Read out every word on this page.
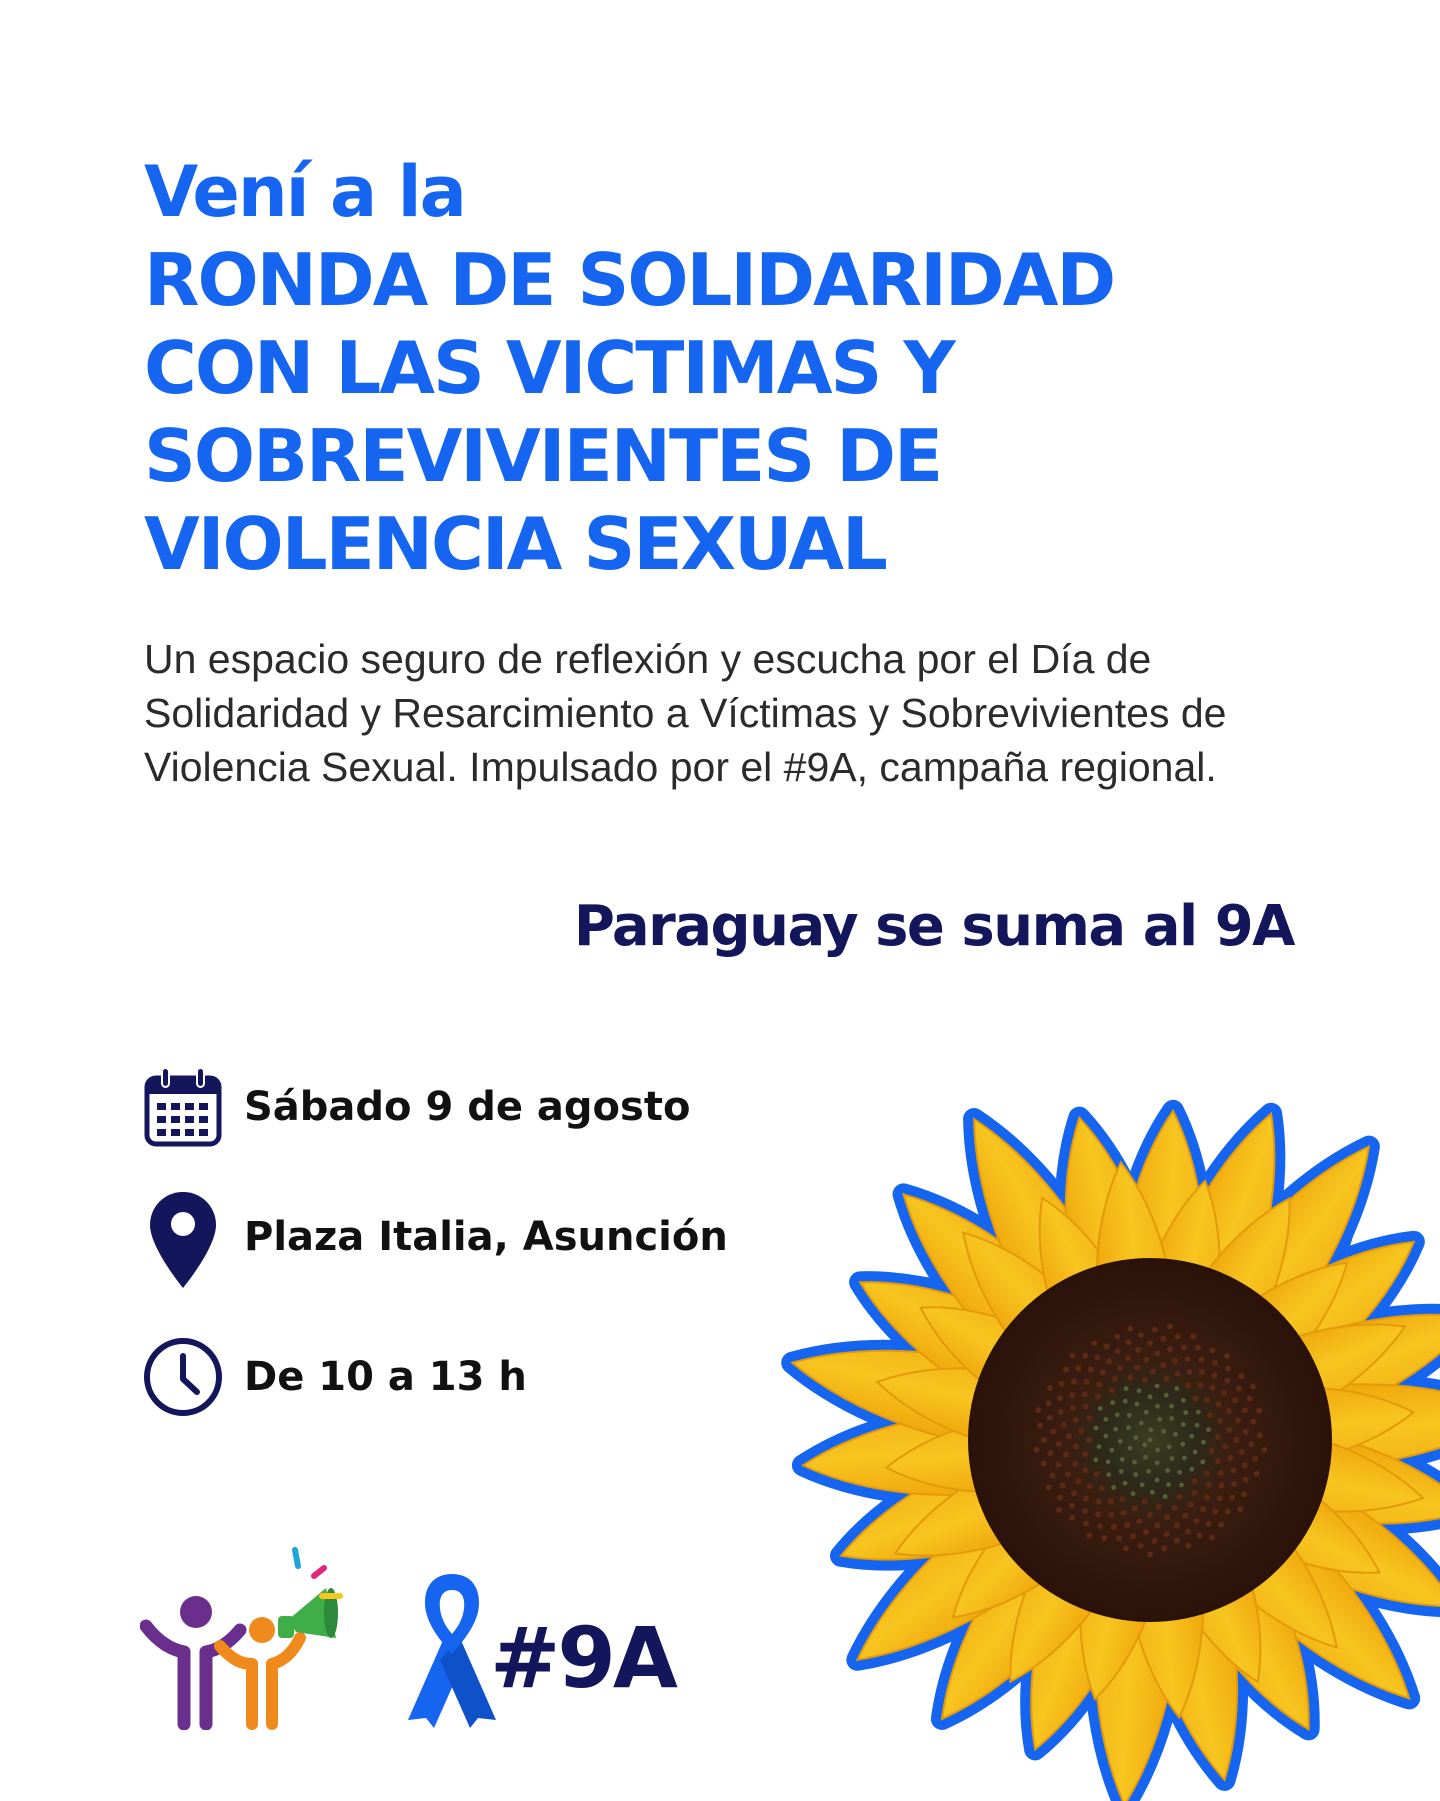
Vení a la
RONDA DE SOLIDARIDAD
CON LAS VICTIMAS Y
SOBREVIVIENTES DE
VIOLENCIA SEXUAL

Un espacio seguro de reflexión y escucha por el Día de Solidaridad y Resarcimiento a Víctimas y Sobrevivientes de Violencia Sexual. Impulsado por el #9A, campaña regional.

Paraguay se suma al 9A

Sábado 9 de agosto
Plaza Italia, Asunción
De 10 a 13 h
#9A
